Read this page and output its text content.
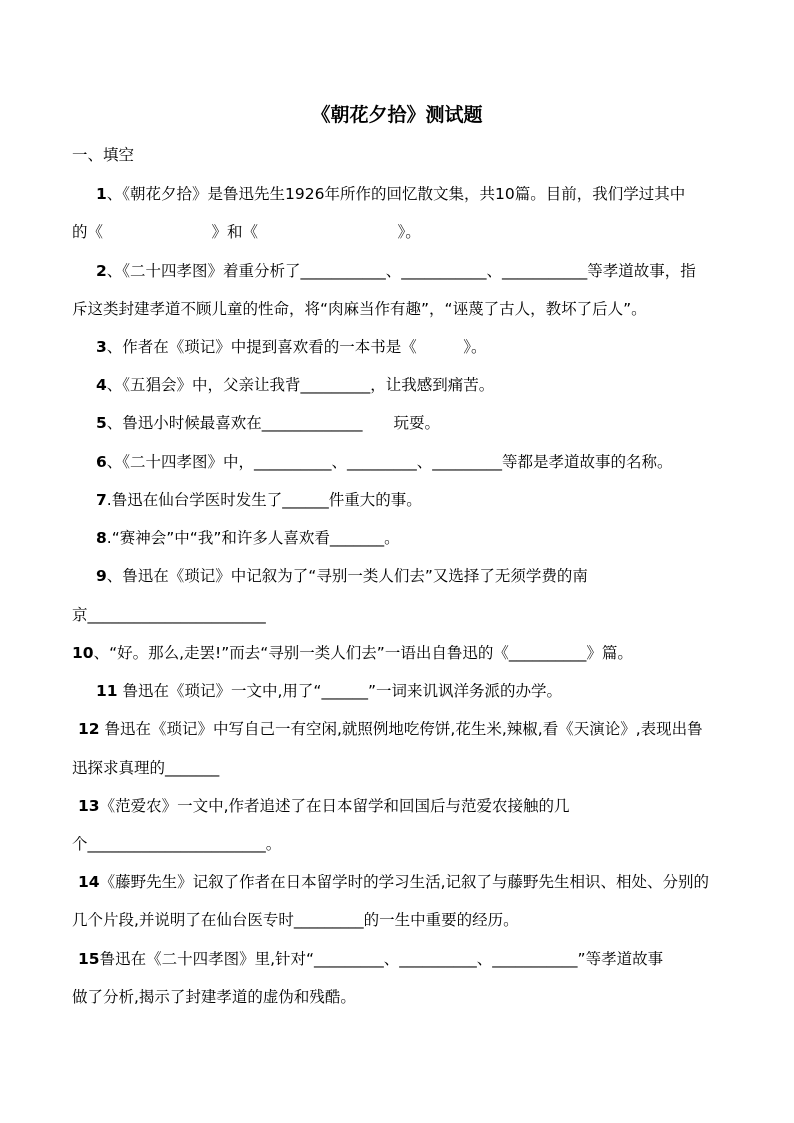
《朝花夕拾》测试题
一、填空
1、《朝花夕拾》是鲁迅先生1926年所作的回忆散文集，共10篇。目前，我们学过其中
的《　　　　　　　》和《　　　　　　　　　》。
2、《二十四孝图》着重分析了___________、___________、___________等孝道故事，指
斥这类封建孝道不顾儿童的性命，将“肉麻当作有趣”，“诬蔑了古人，教坏了后人”。
3、作者在《琐记》中提到喜欢看的一本书是《　　　》。
4、《五猖会》中，父亲让我背_________，让我感到痛苦。
5、鲁迅小时候最喜欢在_____________　　玩耍。
6、《二十四孝图》中，__________、_________、_________等都是孝道故事的名称。
7.鲁迅在仙台学医时发生了______件重大的事。
8.“赛神会”中“我”和许多人喜欢看_______。
9、鲁迅在《琐记》中记叙为了“寻别一类人们去”又选择了无须学费的南
京_______________________
10、“好。那么,走罢!”而去“寻别一类人们去”一语出自鲁迅的《__________》篇。
11 鲁迅在《琐记》一文中,用了“______”一词来讥讽洋务派的办学。
12 鲁迅在《琐记》中写自己一有空闲,就照例地吃侉饼,花生米,辣椒,看《天演论》,表现出鲁
迅探求真理的_______
13《范爱农》一文中,作者追述了在日本留学和回国后与范爱农接触的几
个_______________________。
14《藤野先生》记叙了作者在日本留学时的学习生活,记叙了与藤野先生相识、相处、分别的
几个片段,并说明了在仙台医专时_________的一生中重要的经历。
15鲁迅在《二十四孝图》里,针对“_________、__________、___________”等孝道故事
做了分析,揭示了封建孝道的虚伪和残酷。
